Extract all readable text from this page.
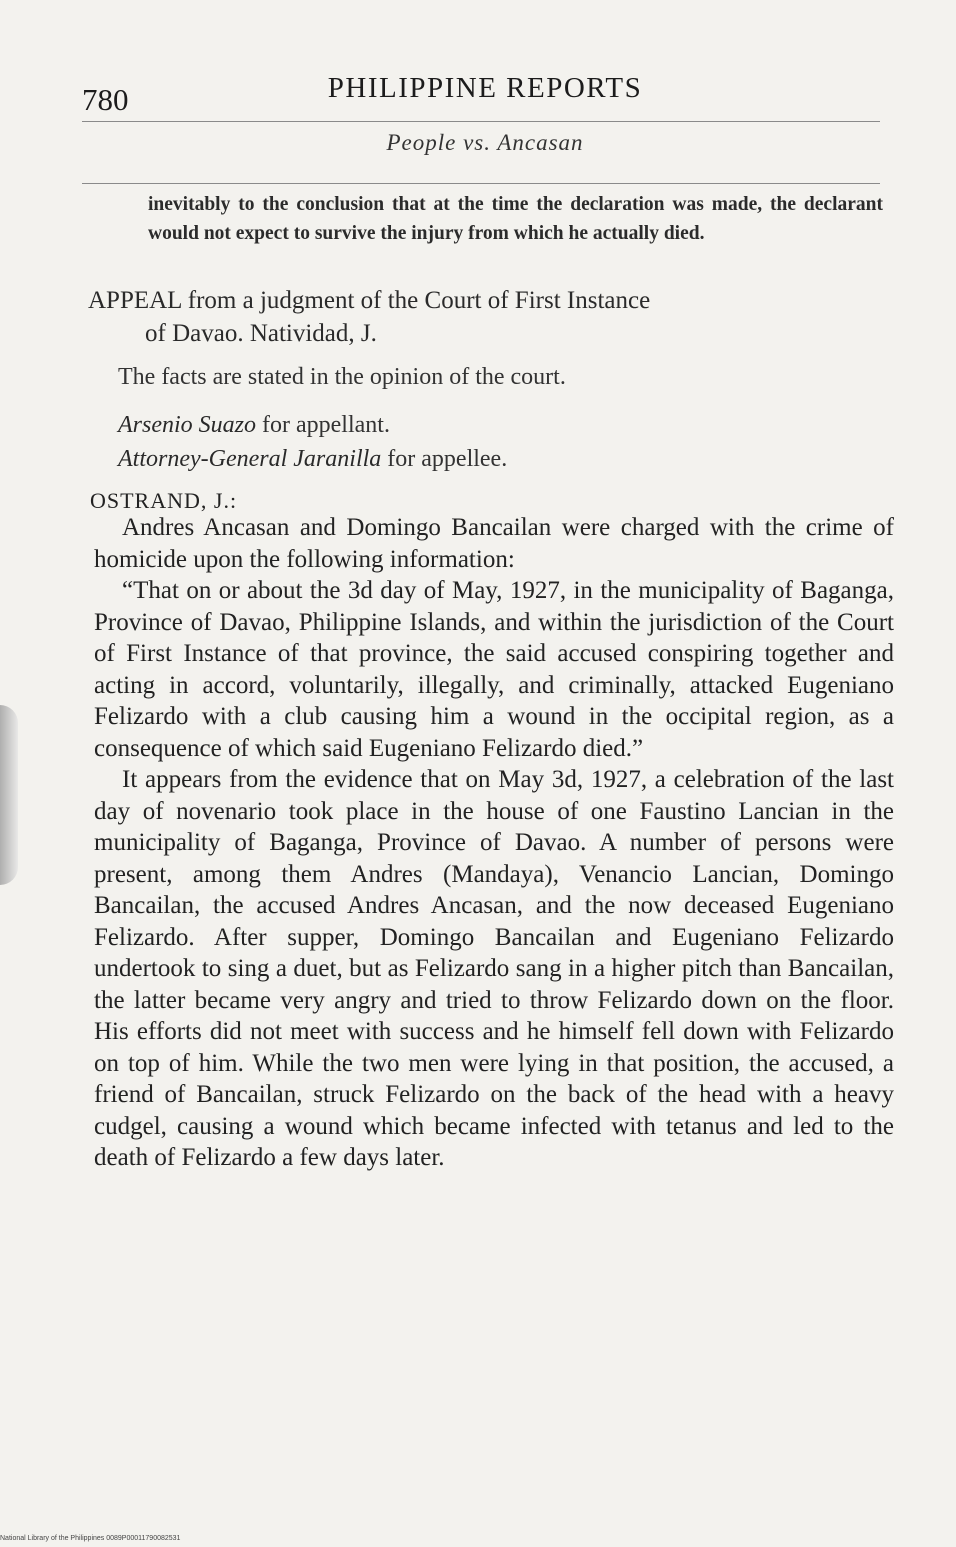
780	PHILIPPINE REPORTS
People vs. Ancasan
inevitably to the conclusion that at the time the declaration was made, the declarant would not expect to survive the injury from which he actually died.
APPEAL from a judgment of the Court of First Instance
of Davao. Natividad, J.
The facts are stated in the opinion of the court.
Arsenio Suazo for appellant.
Attorney-General Jaranilla for appellee.
OSTRAND, J.:

Andres Ancasan and Domingo Bancailan were charged with the crime of homicide upon the following information:

“That on or about the 3d day of May, 1927, in the municipality of Baganga, Province of Davao, Philippine Islands, and within the jurisdiction of the Court of First Instance of that province, the said accused conspiring together and acting in accord, voluntarily, illegally, and criminally, attacked Eugeniano Felizardo with a club causing him a wound in the occipital region, as a consequence of which said Eugeniano Felizardo died.”

It appears from the evidence that on May 3d, 1927, a celebration of the last day of novenario took place in the house of one Faustino Lancian in the municipality of Baganga, Province of Davao. A number of persons were present, among them Andres (Mandaya), Venancio Lancian, Domingo Bancailan, the accused Andres Ancasan, and the now deceased Eugeniano Felizardo. After supper, Domingo Bancailan and Eugeniano Felizardo undertook to sing a duet, but as Felizardo sang in a higher pitch than Bancailan, the latter became very angry and tried to throw Felizardo down on the floor. His efforts did not meet with success and he himself fell down with Felizardo on top of him. While the two men were lying in that position, the accused, a friend of Bancailan, struck Felizardo on the back of the head with a heavy cudgel, causing a wound which became infected with tetanus and led to the death of Felizardo a few days later.

National Library of the Philippines 0089P00011790082531
